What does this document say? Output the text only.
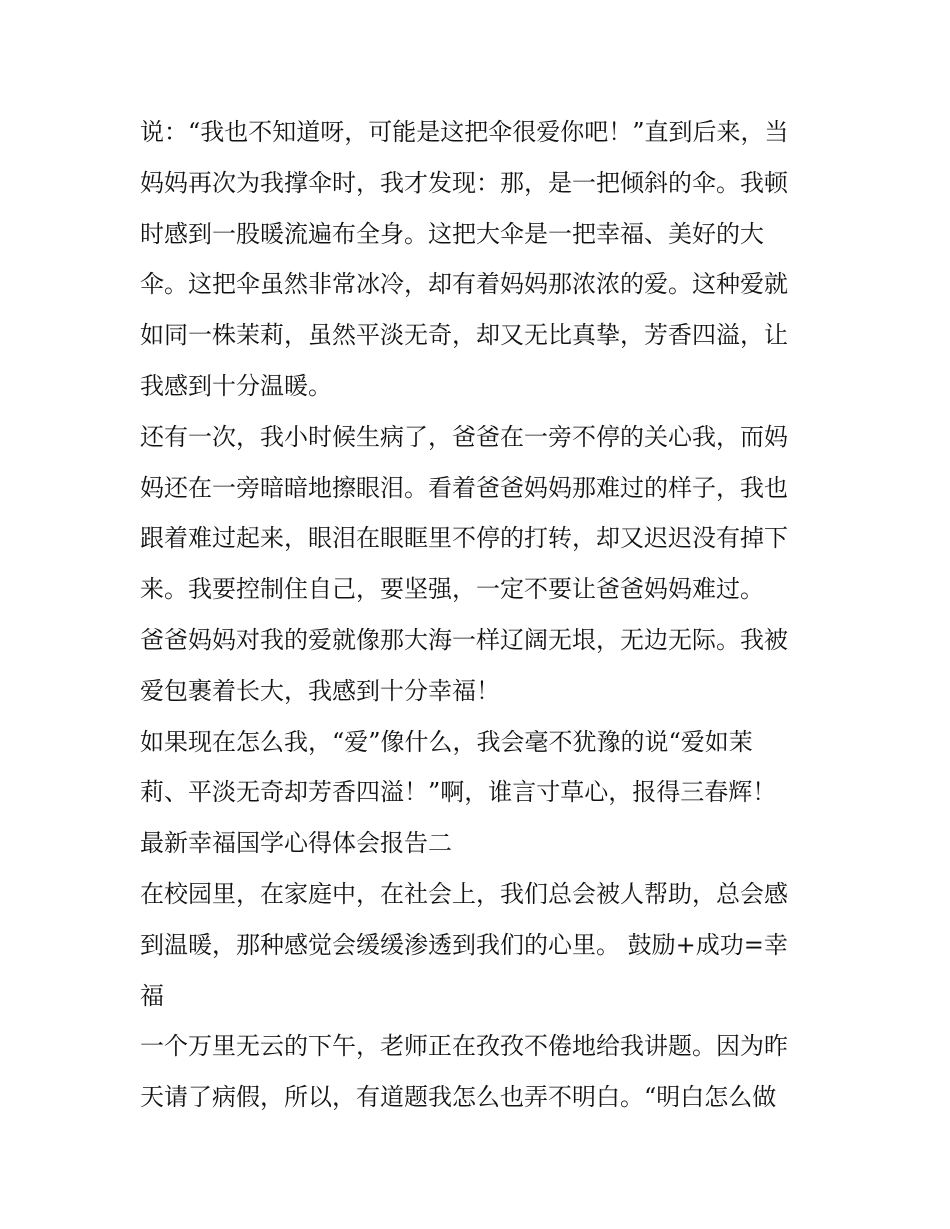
说：“我也不知道呀，可能是这把伞很爱你吧！”直到后来，当
妈妈再次为我撑伞时，我才发现：那，是一把倾斜的伞。我顿
时感到一股暖流遍布全身。这把大伞是一把幸福、美好的大
伞。这把伞虽然非常冰冷，却有着妈妈那浓浓的爱。这种爱就
如同一株茉莉，虽然平淡无奇，却又无比真挚，芳香四溢，让
我感到十分温暖。
还有一次，我小时候生病了，爸爸在一旁不停的关心我，而妈
妈还在一旁暗暗地擦眼泪。看着爸爸妈妈那难过的样子，我也
跟着难过起来，眼泪在眼眶里不停的打转，却又迟迟没有掉下
来。我要控制住自己，要坚强，一定不要让爸爸妈妈难过。
爸爸妈妈对我的爱就像那大海一样辽阔无垠，无边无际。我被
爱包裹着长大，我感到十分幸福！
如果现在怎么我，“爱”像什么，我会毫不犹豫的说“爱如茉
莉、平淡无奇却芳香四溢！”啊，谁言寸草心，报得三春辉！
最新幸福国学心得体会报告二
在校园里，在家庭中，在社会上，我们总会被人帮助，总会感
到温暖，那种感觉会缓缓渗透到我们的心里。 鼓励+成功=幸
福
一个万里无云的下午，老师正在孜孜不倦地给我讲题。因为昨
天请了病假，所以，有道题我怎么也弄不明白。“明白怎么做
